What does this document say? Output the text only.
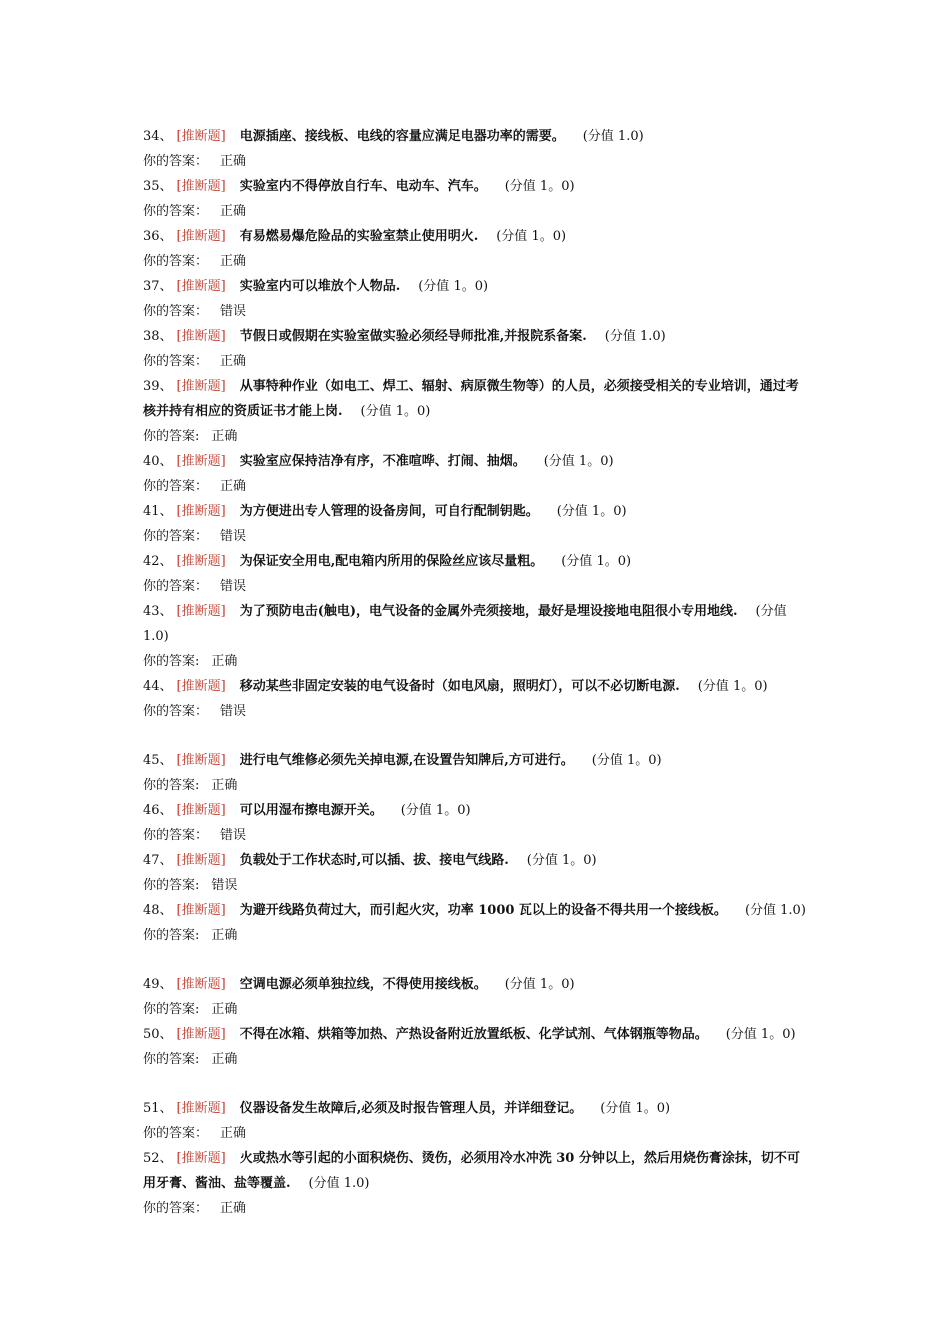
34、 [推断题] 电源插座、接线板、电线的容量应满足电器功率的需要。 (分值 1.0)
你的答案： 正确
35、 [推断题] 实验室内不得停放自行车、电动车、汽车。 (分值 1。0)
你的答案： 正确
36、 [推断题] 有易燃易爆危险品的实验室禁止使用明火. (分值 1。0)
你的答案： 正确
37、 [推断题] 实验室内可以堆放个人物品. (分值 1。0)
你的答案： 错误
38、 [推断题] 节假日或假期在实验室做实验必须经导师批准,并报院系备案. (分值 1.0)
你的答案： 正确
39、 [推断题] 从事特种作业（如电工、焊工、辐射、病原微生物等）的人员，必须接受相关的专业培训，通过考核并持有相应的资质证书才能上岗. (分值 1。0)
你的答案: 正确
40、 [推断题] 实验室应保持洁净有序，不准喧哗、打闹、抽烟。 (分值 1。0)
你的答案： 正确
41、 [推断题] 为方便进出专人管理的设备房间，可自行配制钥匙。 (分值 1。0)
你的答案： 错误
42、 [推断题] 为保证安全用电,配电箱内所用的保险丝应该尽量粗。 (分值 1。0)
你的答案： 错误
43、 [推断题] 为了预防电击(触电)，电气设备的金属外壳须接地，最好是埋设接地电阻很小专用地线. (分值 1.0)
你的答案: 正确
44、 [推断题] 移动某些非固定安装的电气设备时（如电风扇，照明灯），可以不必切断电源. (分值 1。0)
你的答案： 错误
45、 [推断题] 进行电气维修必须先关掉电源,在设置告知牌后,方可进行。 (分值 1。0)
你的答案: 正确
46、 [推断题] 可以用湿布擦电源开关。 (分值 1。0)
你的答案： 错误
47、 [推断题] 负载处于工作状态时,可以插、拔、接电气线路. (分值 1。0)
你的答案: 错误
48、 [推断题] 为避开线路负荷过大，而引起火灾，功率 1000 瓦以上的设备不得共用一个接线板。 (分值 1.0)
你的答案: 正确
49、 [推断题] 空调电源必须单独拉线，不得使用接线板。 (分值 1。0)
你的答案: 正确
50、 [推断题] 不得在冰箱、烘箱等加热、产热设备附近放置纸板、化学试剂、气体钢瓶等物品。 (分值 1。0)
你的答案: 正确
51、 [推断题] 仪器设备发生故障后,必须及时报告管理人员，并详细登记。 (分值 1。0)
你的答案： 正确
52、 [推断题] 火或热水等引起的小面积烧伤、烫伤，必须用冷水冲洗 30 分钟以上，然后用烧伤膏涂抹，切不可用牙膏、酱油、盐等覆盖. (分值 1.0)
你的答案： 正确
